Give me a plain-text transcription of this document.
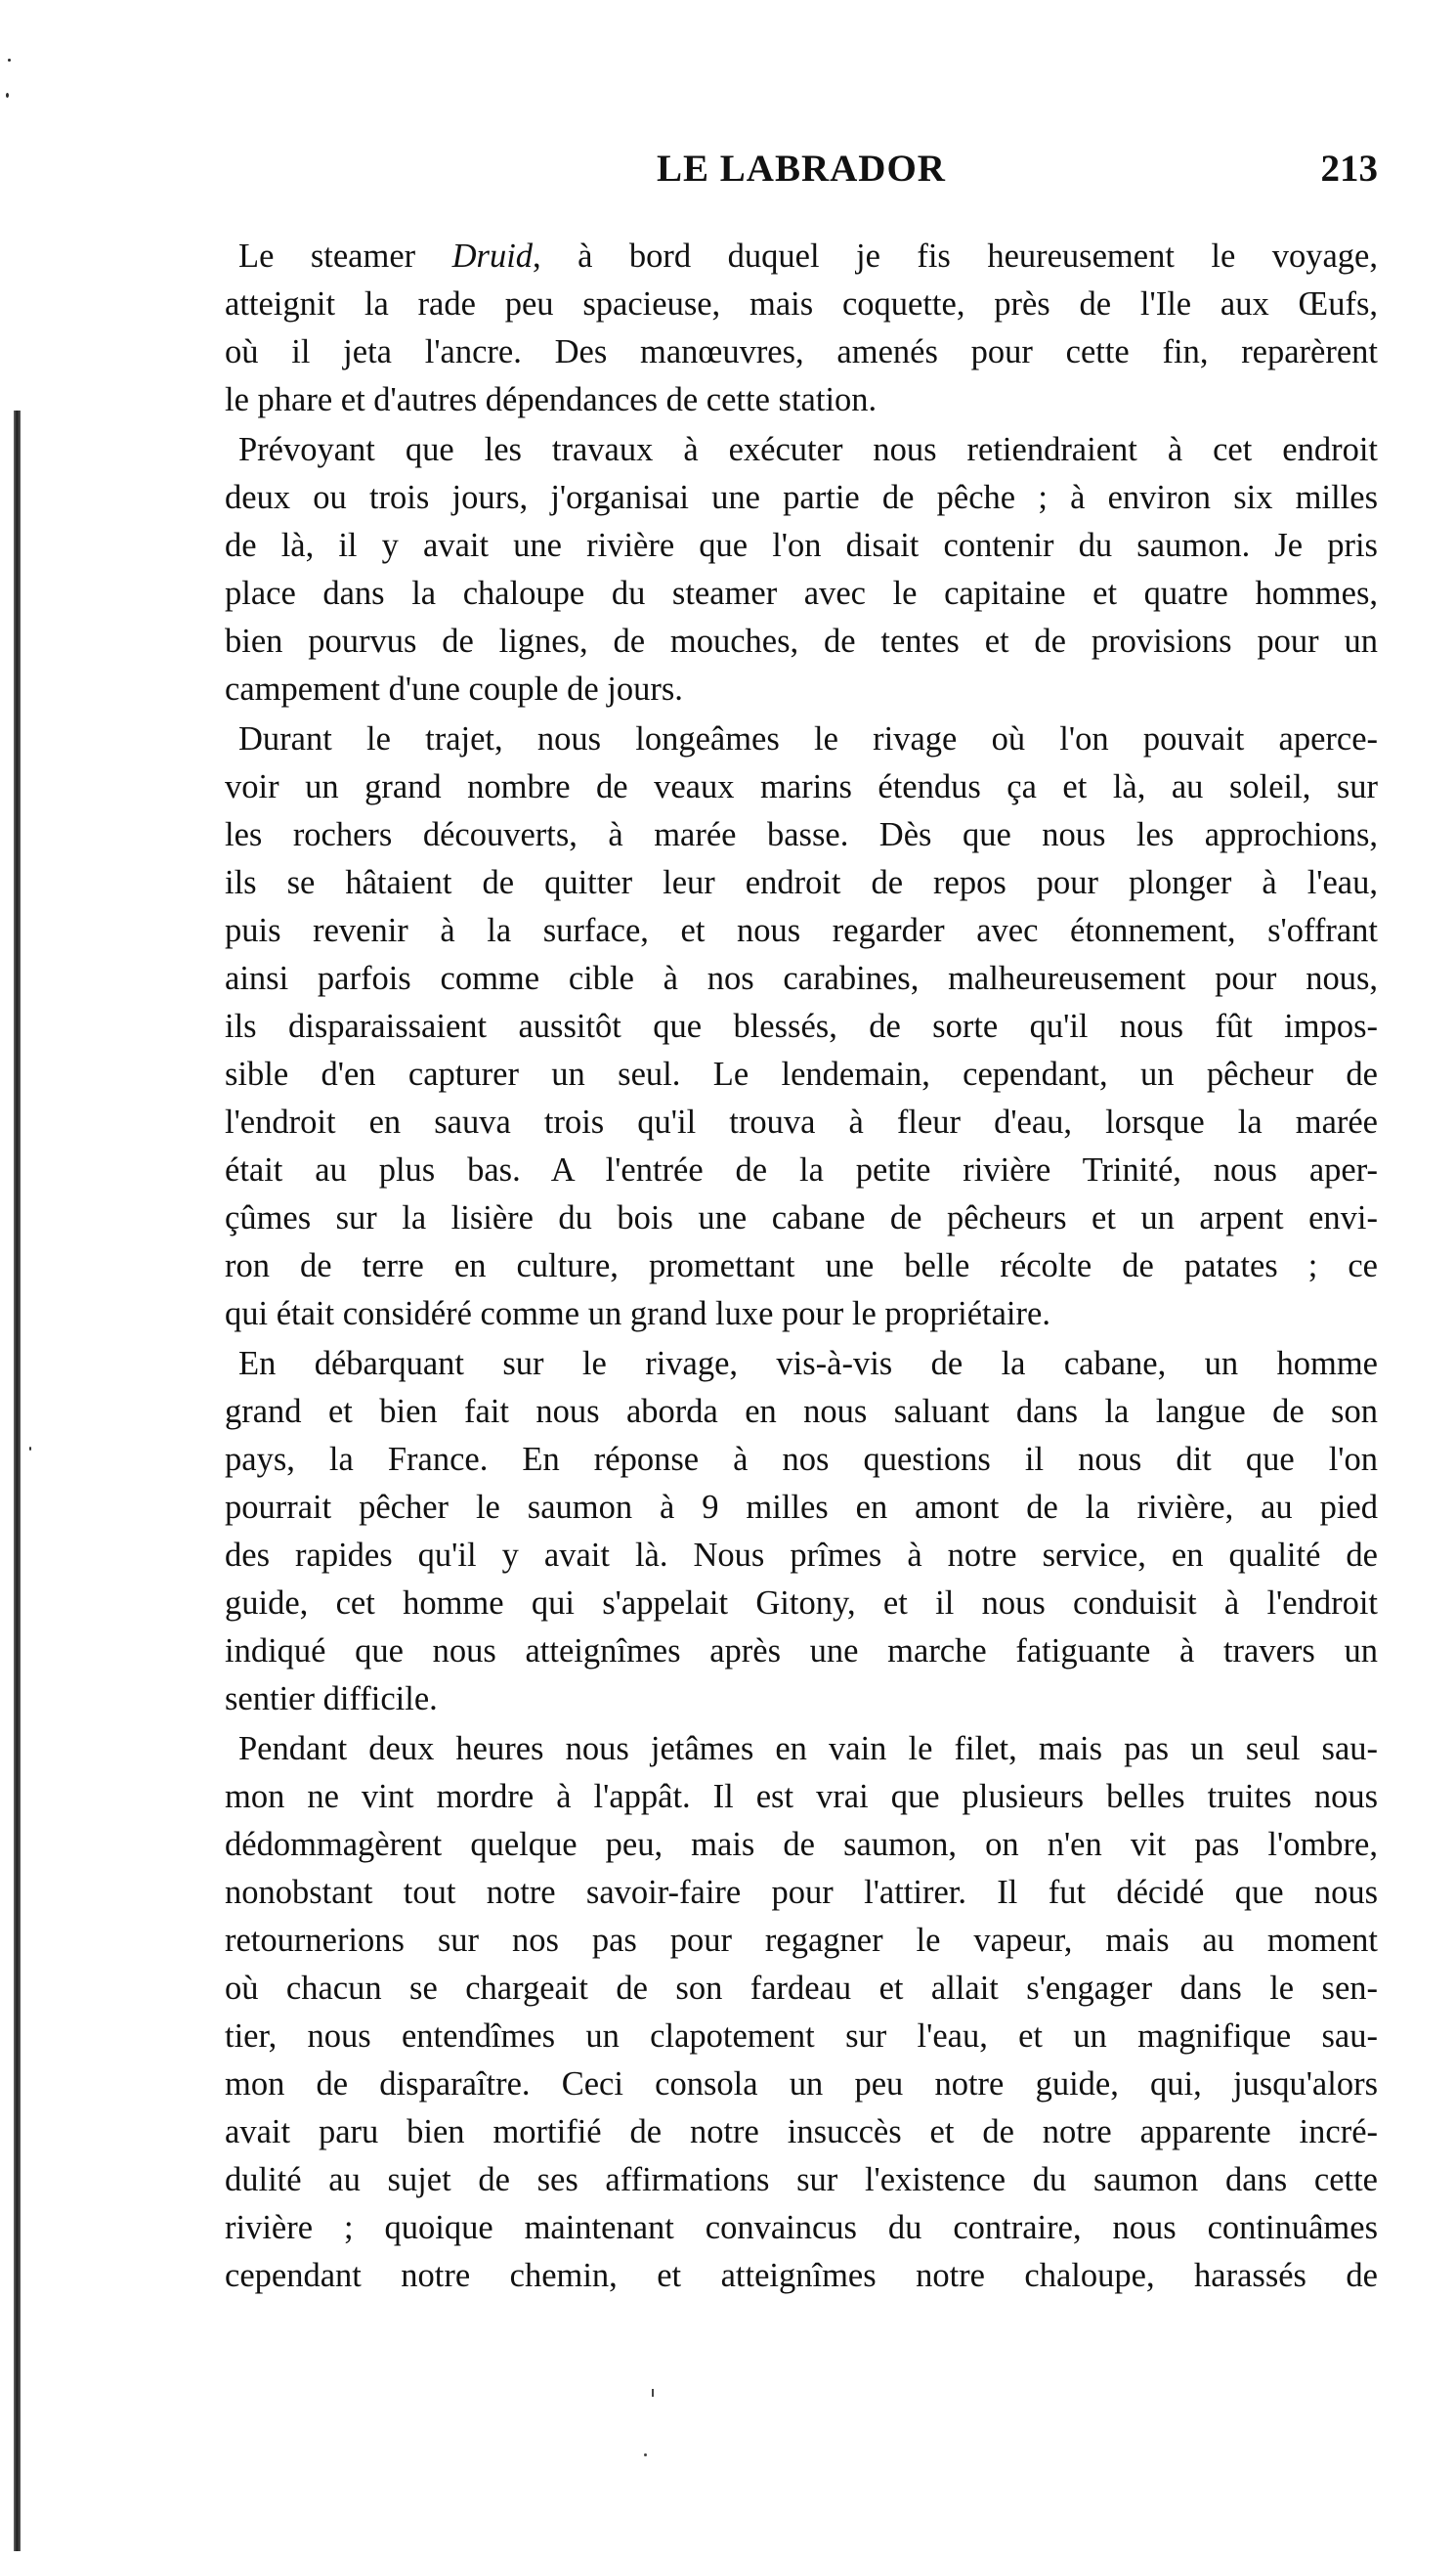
LE LABRADOR	213
Le steamer Druid, à bord duquel je fis heureusement le voyage,
atteignit la rade peu spacieuse, mais coquette, près de l'Ile aux Œufs,
où il jeta l'ancre. Des manœuvres, amenés pour cette fin, reparèrent
le phare et d'autres dépendances de cette station.
Prévoyant que les travaux à exécuter nous retiendraient à cet endroit
deux ou trois jours, j'organisai une partie de pêche ; à environ six milles
de là, il y avait une rivière que l'on disait contenir du saumon. Je pris
place dans la chaloupe du steamer avec le capitaine et quatre hommes,
bien pourvus de lignes, de mouches, de tentes et de provisions pour un
campement d'une couple de jours.
Durant le trajet, nous longeâmes le rivage où l'on pouvait aperce-
voir un grand nombre de veaux marins étendus ça et là, au soleil, sur
les rochers découverts, à marée basse. Dès que nous les approchions,
ils se hâtaient de quitter leur endroit de repos pour plonger à l'eau,
puis revenir à la surface, et nous regarder avec étonnement, s'offrant
ainsi parfois comme cible à nos carabines, malheureusement pour nous,
ils disparaissaient aussitôt que blessés, de sorte qu'il nous fût impos-
sible d'en capturer un seul. Le lendemain, cependant, un pêcheur de
l'endroit en sauva trois qu'il trouva à fleur d'eau, lorsque la marée
était au plus bas. A l'entrée de la petite rivière Trinité, nous aper-
çûmes sur la lisière du bois une cabane de pêcheurs et un arpent envi-
ron de terre en culture, promettant une belle récolte de patates ; ce
qui était considéré comme un grand luxe pour le propriétaire.
En débarquant sur le rivage, vis-à-vis de la cabane, un homme
grand et bien fait nous aborda en nous saluant dans la langue de son
pays, la France. En réponse à nos questions il nous dit que l'on
pourrait pêcher le saumon à 9 milles en amont de la rivière, au pied
des rapides qu'il y avait là. Nous prîmes à notre service, en qualité de
guide, cet homme qui s'appelait Gitony, et il nous conduisit à l'endroit
indiqué que nous atteignîmes après une marche fatiguante à travers un
sentier difficile.
Pendant deux heures nous jetâmes en vain le filet, mais pas un seul sau-
mon ne vint mordre à l'appât. Il est vrai que plusieurs belles truites nous
dédommagèrent quelque peu, mais de saumon, on n'en vit pas l'ombre,
nonobstant tout notre savoir-faire pour l'attirer. Il fut décidé que nous
retournerions sur nos pas pour regagner le vapeur, mais au moment
où chacun se chargeait de son fardeau et allait s'engager dans le sen-
tier, nous entendîmes un clapotement sur l'eau, et un magnifique sau-
mon de disparaître. Ceci consola un peu notre guide, qui, jusqu'alors
avait paru bien mortifié de notre insuccès et de notre apparente incré-
dulité au sujet de ses affirmations sur l'existence du saumon dans cette
rivière ; quoique maintenant convaincus du contraire, nous continuâmes
cependant notre chemin, et atteignîmes notre chaloupe, harassés de
